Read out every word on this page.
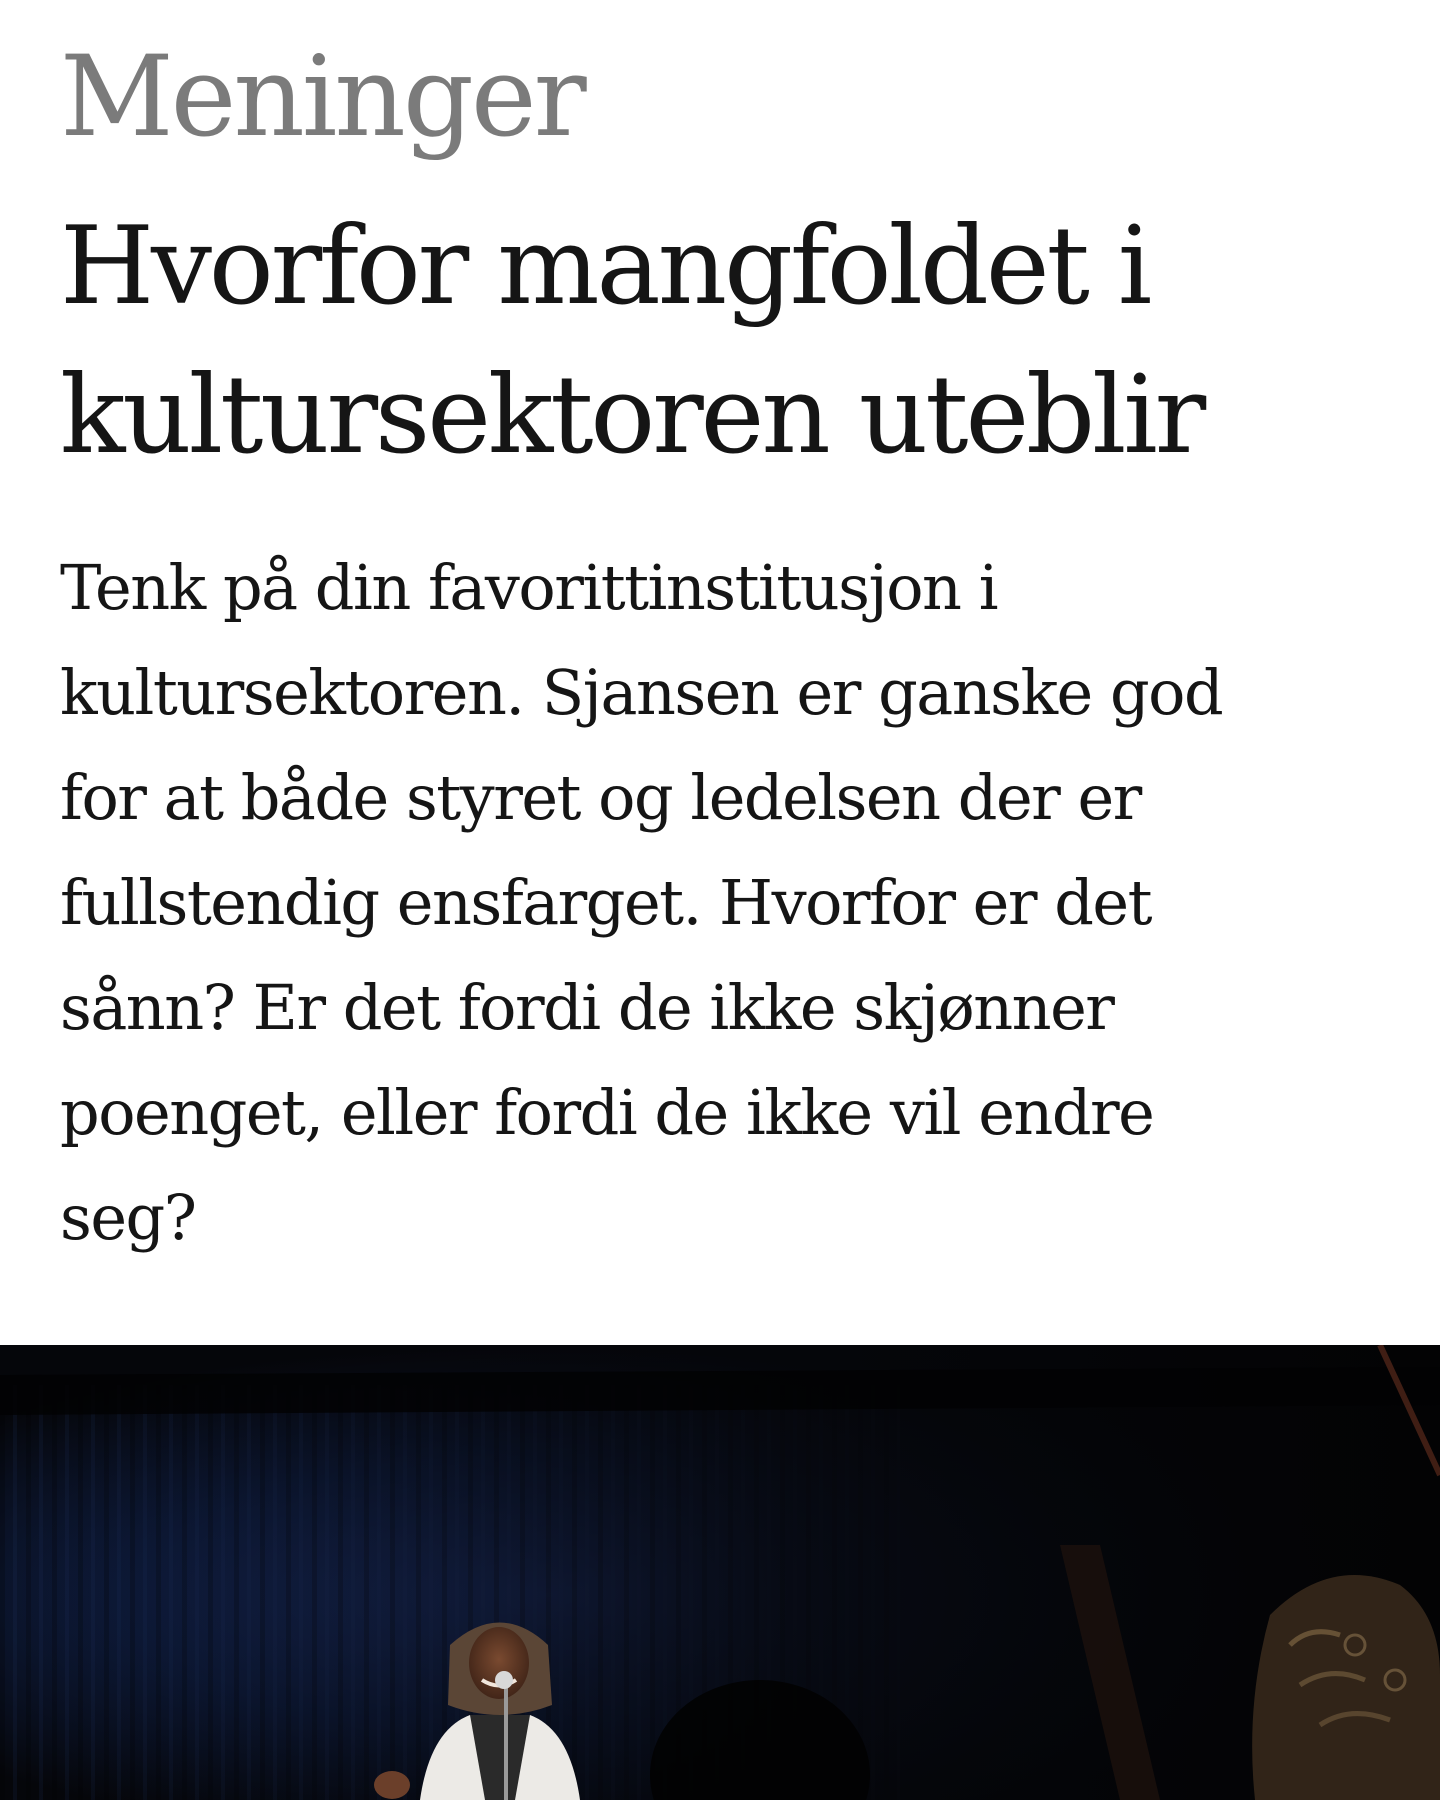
Meninger
Hvorfor mangfoldet i
kultursektoren uteblir

Tenk på din favorittinstitusjon i
kultursektoren. Sjansen er ganske god
for at både styret og ledelsen der er
fullstendig ensfarget. Hvorfor er det
sånn? Er det fordi de ikke skjønner
poenget, eller fordi de ikke vil endre
seg?
